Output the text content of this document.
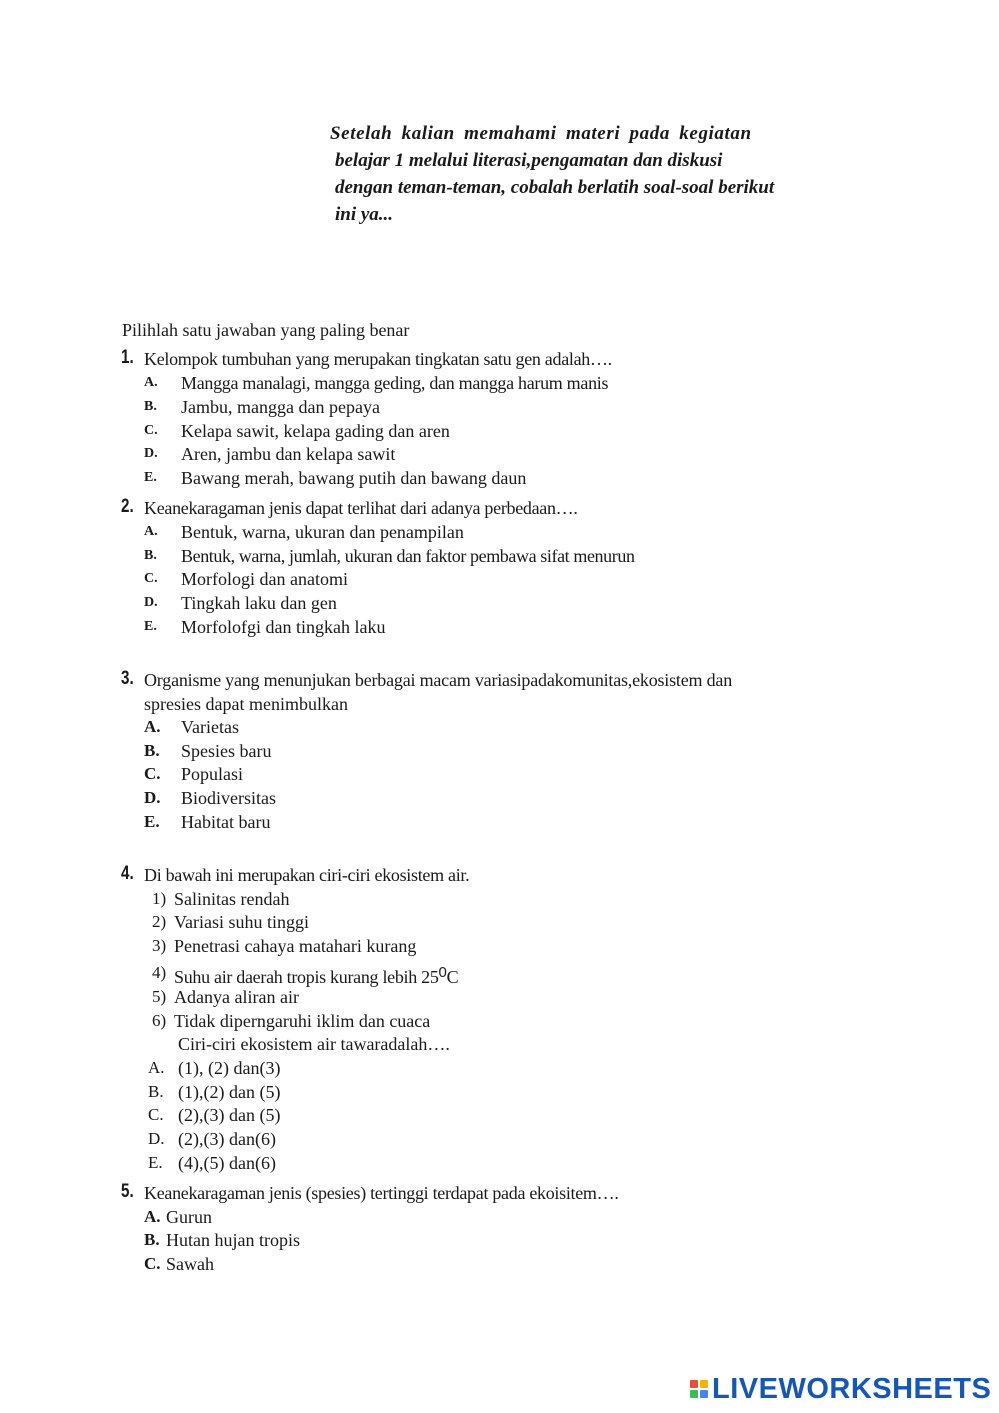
Setelah kalian memahami materi pada kegiatan
belajar 1 melalui literasi,pengamatan dan diskusi
dengan teman-teman, cobalah berlatih soal-soal berikut
ini ya...
Pilihlah satu jawaban yang paling benar
1. Kelompok tumbuhan yang merupakan tingkatan satu gen adalah….
A. Mangga manalagi, mangga geding, dan mangga harum manis
B. Jambu, mangga dan pepaya
C. Kelapa sawit, kelapa gading dan aren
D. Aren, jambu dan kelapa sawit
E. Bawang merah, bawang putih dan bawang daun
2. Keanekaragaman jenis dapat terlihat dari adanya perbedaan….
A. Bentuk, warna, ukuran dan penampilan
B. Bentuk, warna, jumlah, ukuran dan faktor pembawa sifat menurun
C. Morfologi dan anatomi
D. Tingkah laku dan gen
E. Morfolofgi dan tingkah laku
3. Organisme yang menunjukan berbagai macam variasipadakomunitas,ekosistem dan
spresies dapat menimbulkan
A. Varietas
B. Spesies baru
C. Populasi
D. Biodiversitas
E. Habitat baru
4. Di bawah ini merupakan ciri-ciri ekosistem air.
1) Salinitas rendah
2) Variasi suhu tinggi
3) Penetrasi cahaya matahari kurang
4) Suhu air daerah tropis kurang lebih $25^0C$
5) Adanya aliran air
6) Tidak diperngaruhi iklim dan cuaca
Ciri-ciri ekosistem air tawaradalah….
A. (1), (2) dan(3)
B. (1),(2) dan (5)
C. (2),(3) dan (5)
D. (2),(3) dan(6)
E. (4),(5) dan(6)
5. Keanekaragaman jenis (spesies) tertinggi terdapat pada ekoisitem….
A. Gurun
B. Hutan hujan tropis
C. Sawah
LIVEWORKSHEETS
